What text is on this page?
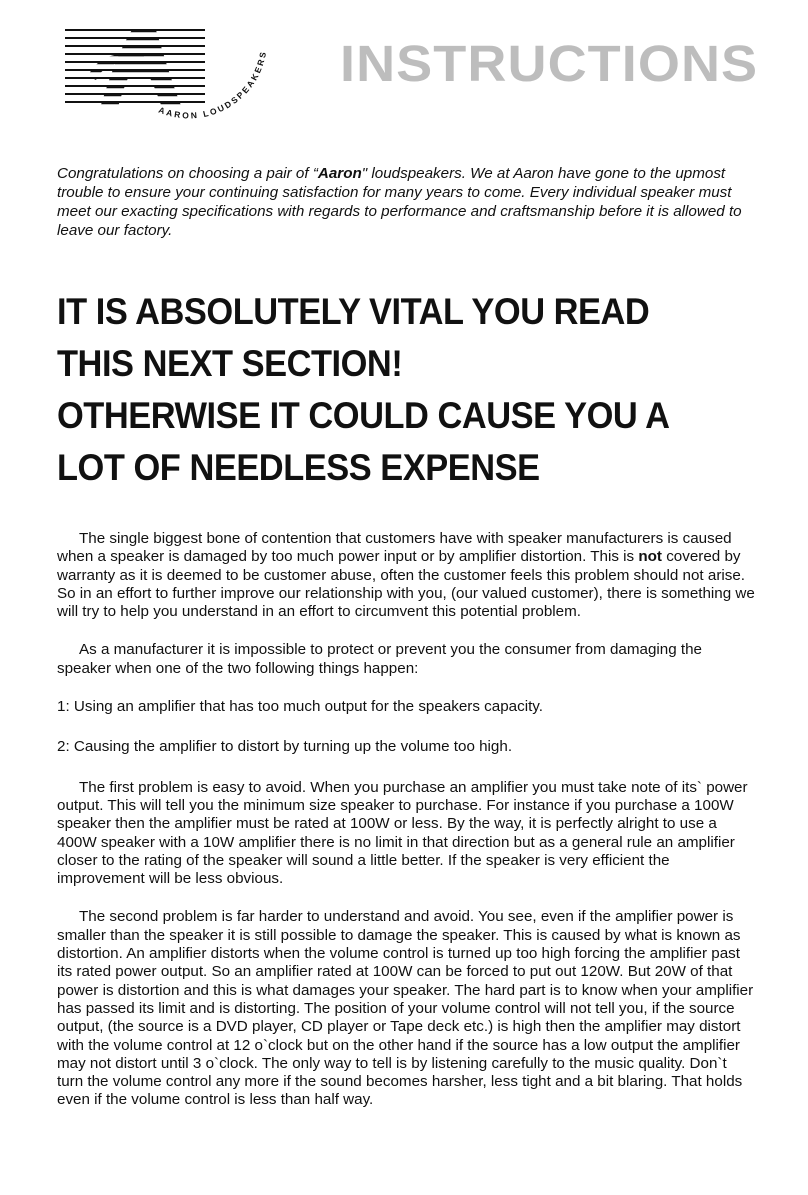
AARON LOUDSPEAKERS INSTRUCTIONS

Congratulations on choosing a pair of “Aaron" loudspeakers. We at Aaron have gone to the upmost trouble to ensure your continuing satisfaction for many years to come. Every individual speaker must meet our exacting specifications with regards to performance and craftsmanship before it is allowed to leave our factory.

IT IS ABSOLUTELY VITAL YOU READ
THIS NEXT SECTION!
OTHERWISE IT COULD CAUSE YOU A
LOT OF NEEDLESS EXPENSE

The single biggest bone of contention that customers have with speaker manufacturers is caused when a speaker is damaged by too much power input or by amplifier distortion. This is not covered by warranty as it is deemed to be customer abuse, often the customer feels this problem should not arise. So in an effort to further improve our relationship with you, (our valued customer), there is something we will try to help you understand in an effort to circumvent this potential problem.

As a manufacturer it is impossible to protect or prevent you the consumer from damaging the speaker when one of the two following things happen:

1: Using an amplifier that has too much output for the speakers capacity.

2: Causing the amplifier to distort by turning up the volume too high.

The first problem is easy to avoid. When you purchase an amplifier you must take note of its` power output. This will tell you the minimum size speaker to purchase. For instance if you purchase a 100W speaker then the amplifier must be rated at 100W or less. By the way, it is perfectly alright to use a 400W speaker with a 10W amplifier there is no limit in that direction but as a general rule an amplifier closer to the rating of the speaker will sound a little better. If the speaker is very efficient the improvement will be less obvious.

The second problem is far harder to understand and avoid. You see, even if the amplifier power is smaller than the speaker it is still possible to damage the speaker. This is caused by what is known as distortion. An amplifier distorts when the volume control is turned up too high forcing the amplifier past its rated power output. So an amplifier rated at 100W can be forced to put out 120W. But 20W of that power is distortion and this is what damages your speaker. The hard part is to know when your amplifier has passed its limit and is distorting. The position of your volume control will not tell you, if the source output, (the source is a DVD player, CD player or Tape deck etc.) is high then the amplifier may distort with the volume control at 12 o`clock but on the other hand if the source has a low output the amplifier may not distort until 3 o`clock. The only way to tell is by listening carefully to the music quality. Don`t turn the volume control any more if the sound becomes harsher, less tight and a bit blaring. That holds even if the volume control is less than half way.
